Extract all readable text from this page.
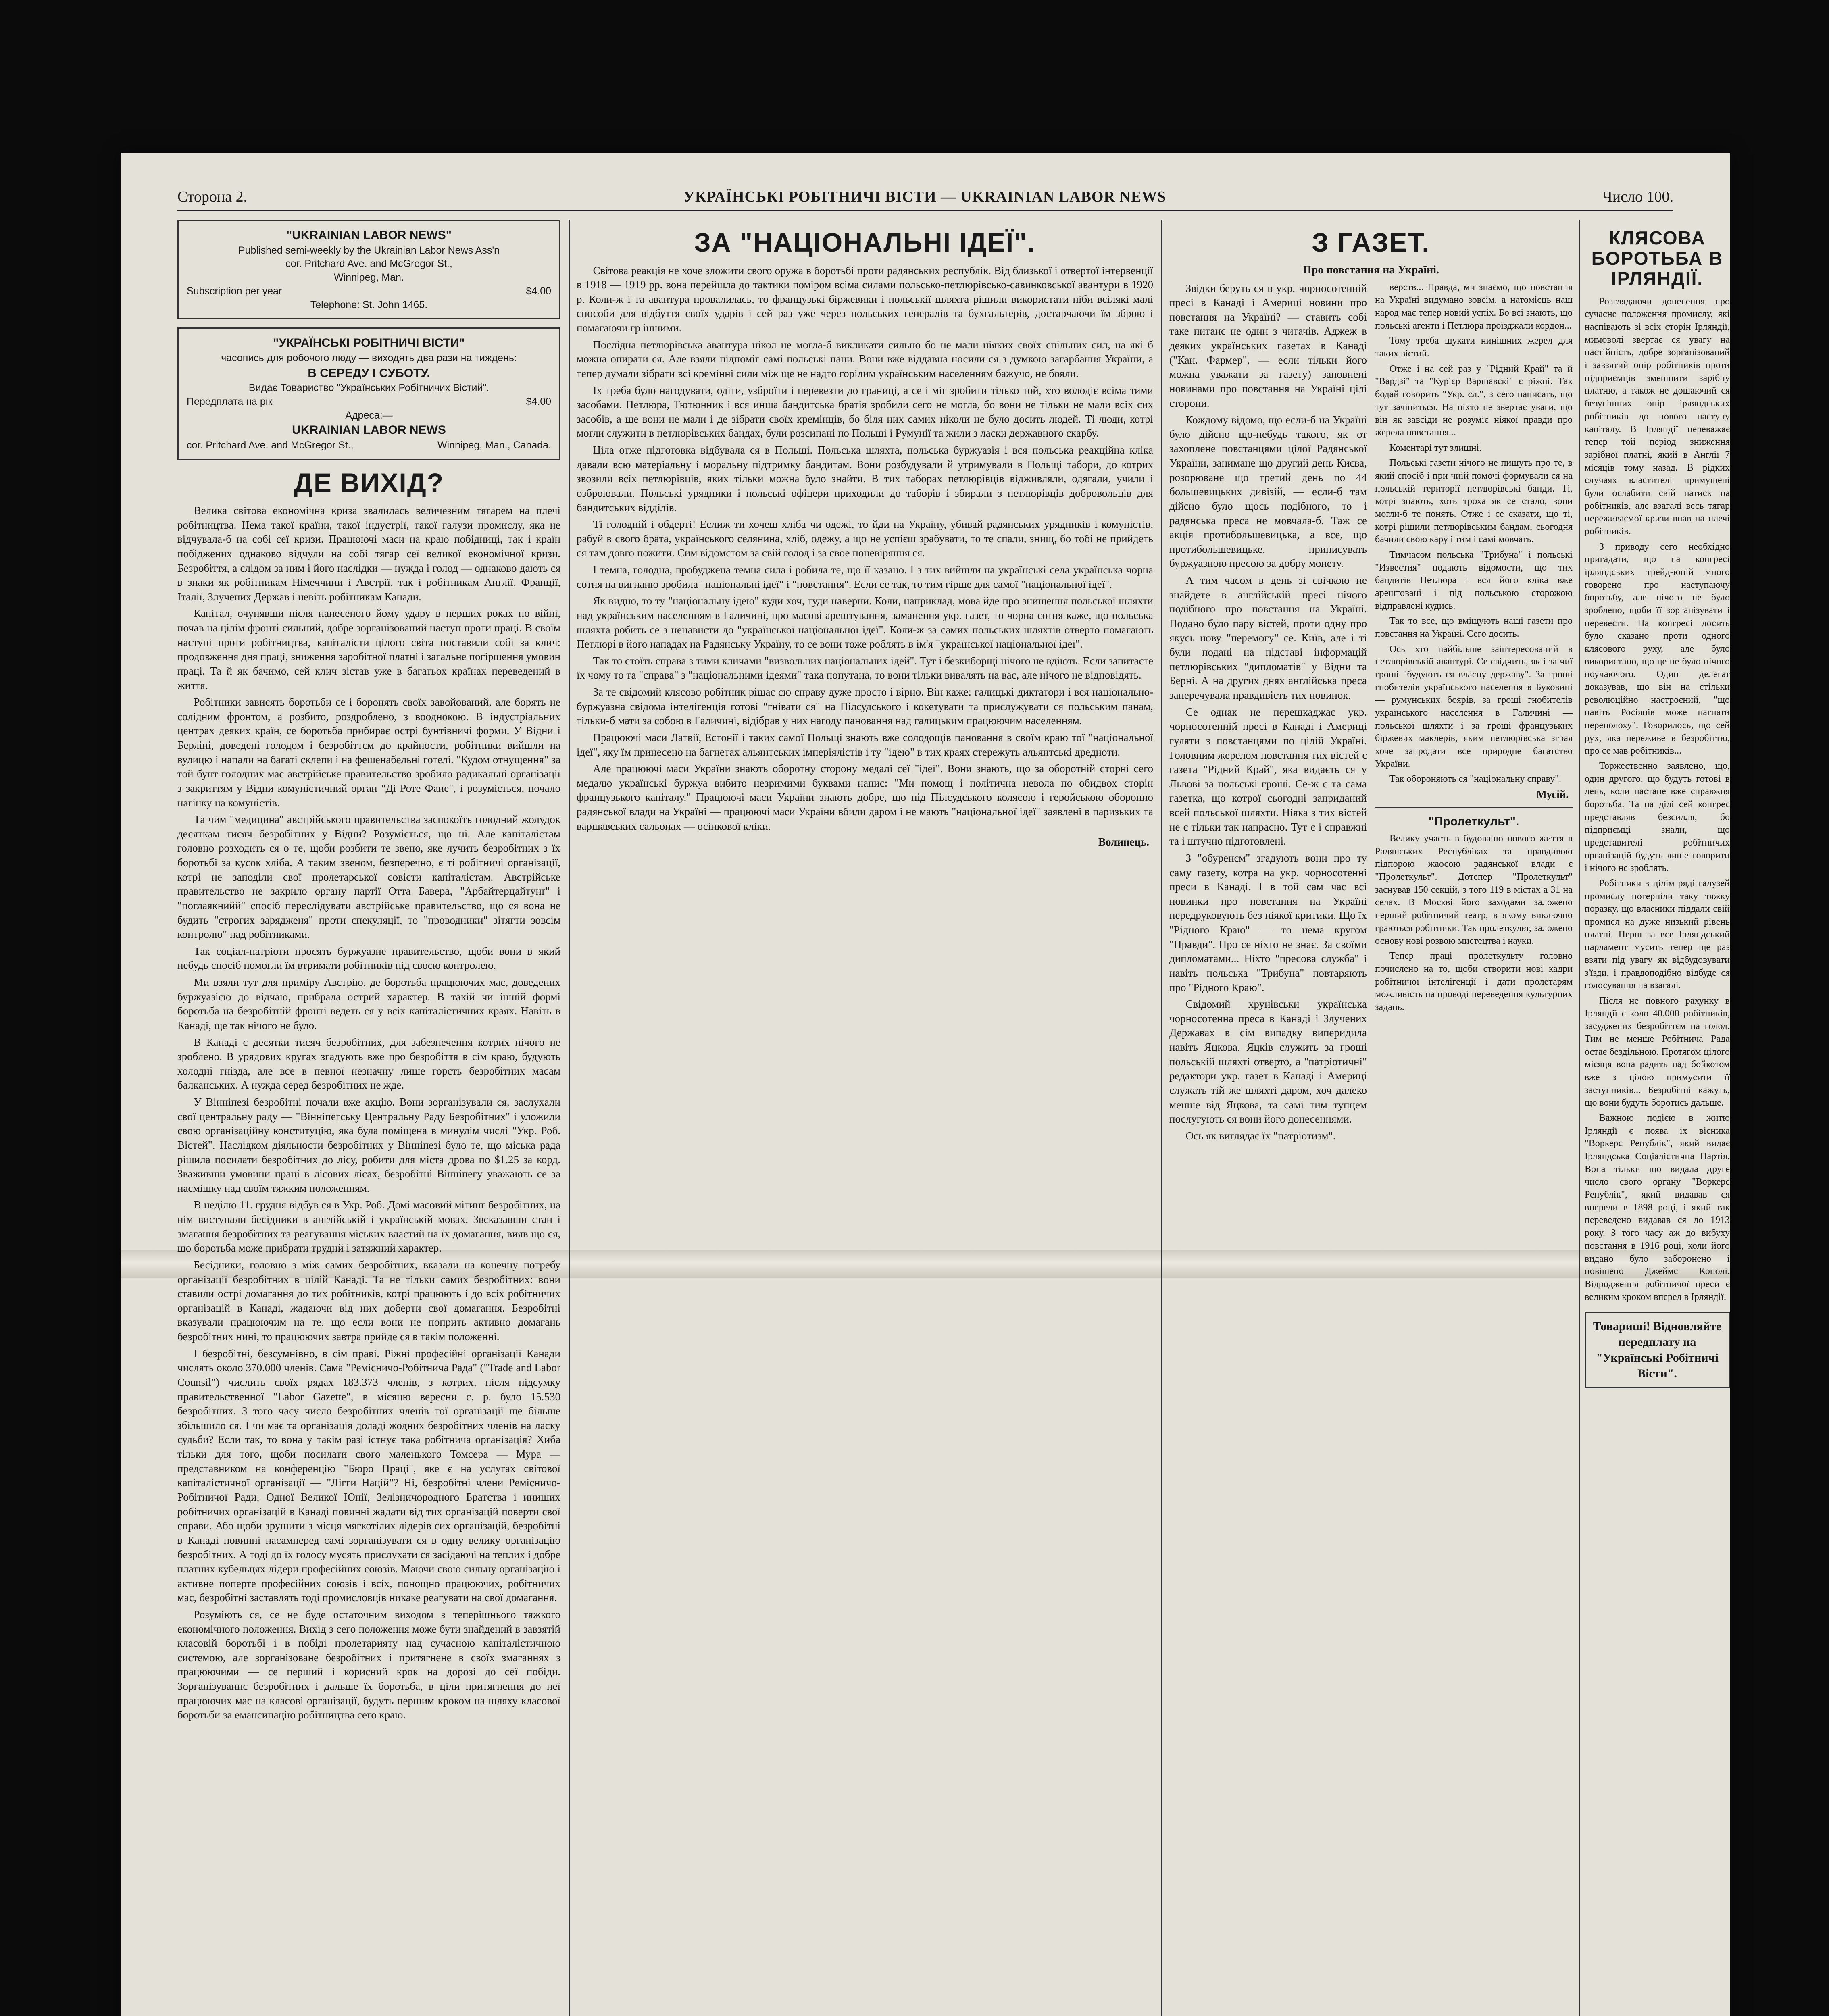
Сторона 2.	УКРАЇНСЬКІ РОБІТНИЧІ ВІСТИ — UKRAINIAN LABOR NEWS	Число 100.
"UKRAINIAN LABOR NEWS"
Published semi-weekly by the Ukrainian Labor News Ass'n
cor. Pritchard Ave. and McGregor St.,
Winnipeg, Man.
Subscription per year	$4.00
Telephone: St. John 1465.
"УКРАЇНСЬКІ РОБІТНИЧІ ВІСТИ"
часопись для робочого люду — виходять два рази на тиждень:
В СЕРЕДУ І СУБОТУ.
Видає Товариство "Українських Робітничих Вістий".
Передплата на рік	$4.00
Адреса:—
UKRAINIAN LABOR NEWS
cor. Pritchard Ave. and McGregor St.,	Winnipeg, Man., Canada.
ДЕ ВИХІД?

Велика світова економічна криза звалилась величезним тягарем на плечі робітництва. Нема такої країни, такої індустрії, такої галузи промислу, яка не відчувала-б на собі сеї кризи. Працюючі маси на краю побідниці, так і країн побіджених однаково відчули на собі тягар сеї великої економічної кризи. Безробіття, а слідом за ним і його наслідки — нужда і голод — однаково дають ся в знаки як робітникам Німеччини і Австрії, так і робітникам Англії, Франції, Італії, Злучених Держав і невіть робітникам Канади.

Капітал, очунявши після нанесеного йому удару в перших роках по війні, почав на цілім фронті сильний, добре зорганізований наступ проти праці. В своїм наступі проти робітництва, капіталісти цілого світа поставили собі за клич: продовження дня праці, зниження заробітної платні і загальне погіршення умовин праці. Та й як бачимо, сей клич зістав уже в багатьох країнах переведений в життя.

Робітники зависять боротьби се і боронять своїх завойований, але борять не солідним фронтом, а розбито, роздроблено, з вооднокою. В індустріальних центрах деяких країн, се боротьба прибирає острі бунтівничі форми. У Відни і Берліні, доведені голодом і безробіттєм до крайности, робітники вийшли на вулицю і напали на багаті склепи і на фешенабельні готелі. "Кудом отнущення" за той бунт голодних мас австрійське правительство зробило радикальні організації з закриттям у Відни комуністичний орган "Ді Роте Фане", і розуміється, почало нагінку на комуністів.

Та чим "медицина" австрійського правительства заспокоїть голодний жолудок десяткам тисяч безробітних у Відни? Розуміється, що ні. Але капіталістам головно розходить ся о те, щоби розбити те звено, яке лучить безробітних з їх боротьбі за кусок хліба. А таким звеном, безперечно, є ті робітничі організації, котрі не заподіли свої пролетарської совісти капіталістам. Австрійське правительство не закрило органу партії Отта Бавера, "Арбайтерцайтунґ" і "поглаякнийй" спосіб переслідувати австрійське правительство, що ся вона не будить "строгих зарядженя" проти спекуляції, то "проводники" зітягти зовсім контролю" над робітниками.

Так соціал-патріоти просять буржуазне правительство, щоби вони в який небудь спосіб помогли їм втримати робітників під своєю контролею.

Ми взяли тут для приміру Австрію, де боротьба працюючих мас, доведених буржуазією до відчаю, прибрала острий характер. В такій чи іншій формі боротьба на безробітній фронті ведеть ся у всіх капіталістичних краях. Навіть в Канаді, ще так нічого не було.

В Канаді є десятки тисяч безробітних, для забезпечення котрих нічого не зроблено. В урядових кругах згадують вже про безробіття в сім краю, будують холодні гнізда, але все в певної незначну лише горсть безробітних масам балканських. А нужда серед безробітних не жде.

У Вінніпезі безробітні почали вже акцію. Вони зорганізували ся, заслухали свої центральну раду — "Вінніпегську Центральну Раду Безробітних" і уложили свою організаційну конституцію, яка була поміщена в минулім числі "Укр. Роб. Вістей". Наслідком діяльности безробітних у Вінніпезі було те, що міська рада рішила посилати безробітних до лісу, робити для міста дрова по $1.25 за корд. Зваживши умовини праці в лісових лісах, безробітні Вінніпегу уважають се за насмішку над своїм тяжким положенням.

В неділю 11. грудня відбув ся в Укр. Роб. Домі масовий мітинг безробітних, на нім виступали бесідники в англійській і українській мовах. Звсказавши стан і змагання безробітних та реагування міських властий на їх домагання, вияв що ся, що боротьба може прибрати труднй і затяжний характер.

Бесідники, головно з між самих безробітних, вказали на конечну потребу організації безробітних в цілій Канаді. Та не тільки самих безробітних: вони ставили острі домагання до тих робітників, котрі працюють і до всіх робітничих організацій в Канаді, жадаючи від них доберти свої домагання. Безробітні вказували працюючим на те, що если вони не поприть активно домагань безробітних нині, то працюючих завтра прийде ся в такім положенні.

І безробітні, безсумнівно, в сім праві. Ріжні професійні організації Канади числять около 370.000 членів. Сама "Ремісничо-Робітнича Рада" ("Trade and Labor Counsil") числить своїх рядах 183.373 членів, з котрих, після підсумку правительственної "Labor Gazette", в місяцю вересни с. р. було 15.530 безробітних. З того часу число безробітних членів тої організації ще більше збільшило ся. І чи має та організація доладі жодних безробітних членів на ласку судьби? Если так, то вона у такім разі істнує така робітнича організація? Хиба тільки для того, щоби посилати свого маленького Томсера — Мура — представником на конференцію "Бюро Праці", яке є на услугах світової капіталістичної організації — "Лігги Націй"? Ні, безробітні члени Ремісничо-Робітничої Ради, Одної Великої Юнії, Зелізничородного Братства і иниших робітничих організацій в Канаді повинні жадати від тих організацій поверти свої справи. Або щоби зрушити з місця мягкотілих лідерів сих організацій, безробітні в Канаді повинні насамперед самі зорганізувати ся в одну велику організацію безробітних. А тоді до їх голосу мусять прислухати ся засідаючі на теплих і добре платних кубельцях лідери професійних союзів. Маючи свою сильну організацію і активне поперте професійних союзів і всіх, понощно працюючих, робітничих мас, безробітні заставлять тоді промисловців никаке реагувати на свої домагання.

Розуміють ся, се не буде остаточним виходом з теперішнього тяжкого економічного положення. Вихід з сего положення може бути знайдений в завзятій класовій боротьбі і в побіді пролетарияту над сучасною капіталістичною системою, але зорганізоване безробітних і притягнене в своїх змаганнях з працюючими — се перший і корисний крок на дорозі до сеї побіди. Зорганізуваннє безробітних і дальше їх боротьба, в ціли притягнення до неї працюючих мас на класові організації, будуть першим кроком на шляху класової боротьби за емансипацію робітництва сего краю.

ЗА "НАЦІОНАЛЬНІ ІДЕЇ".

Світова реакція не хоче зложити свого оружа в боротьбі проти радянських республік. Від близької і отвертої інтервенції в 1918 — 1919 рр. вона перейшла до тактики поміром всіма силами польсько-петлюрівсько-савинковської авантури в 1920 р. Коли-ж і та авантура провалилась, то французькі біржевики і польськії шляхта рішили використати ніби всілякі малі способи для відбуття своїх ударів і сей раз уже через польських генералів та бухгальтерів, достарчаючи їм зброю і помагаючи гр іншими.

Послідна петлюрівська авантура нікол не могла-б викликати сильно бо не мали ніяких своїх спільних сил, на які б можна опирати ся. Але взяли підпоміг самі польські пани. Вони вже віддавна носили ся з думкою загарбання України, а тепер думали зібрати всі кремінні сили між ще не надто горілим українським населенням бажучо, не бояли.

Іх треба було нагодувати, одіти, узброїти і перевезти до границі, а се і міг зробити тілько той, хто володіє всіма тими засобами. Петлюра, Тютюнник і вся инша бандитська братія зробили сего не могла, бо вони не тільки не мали всіх сих засобів, а ще вони не мали і де зібрати своїх кремінців, бо біля них самих ніколи не було досить людей. Ті люди, котрі могли служити в петлюрівських бандах, були розсипані по Польщі і Румунії та жили з ласки державного скарбу.

Ціла отже підготовка відбувала ся в Польщі. Польська шляхта, польська буржуазія і вся польська реакційна кліка давали всю матеріальну і моральну підтримку бандитам. Вони розбудували й утримували в Польщі табори, до котрих звозили всіх петлюрівців, яких тільки можна було знайти. В тих таборах петлюрівців відживляли, одягали, учили і озброювали. Польські урядники і польські офіцери приходили до таборів і збирали з петлюрівців добровольців для бандитських відділів.

Ті голодній і обдерті! Еслиж ти хочеш хліба чи одежі, то йди на Україну, убивай радянських урядників і комуністів, рабуй в свого брата, українського селянина, хліб, одежу, а що не успієш зрабувати, то те спали, знищ, бо тобі не прийдеть ся там довго пожити. Сим відомстом за свій голод і за свое поневіряння ся.

І темна, голодна, пробуджена темна сила і робила те, що її казано. І з тих вийшли на українські села українська чорна сотня на вигнаню зробила "національні ідеї" і "повстання". Если се так, то тим гірше для самої "національної ідеї".

Як видно, то ту "національну ідею" куди хоч, туди наверни. Коли, наприклад, мова йде про знищення польської шляхти над українським населенням в Галичині, про масові арештування, заманення укр. газет, то чорна сотня каже, що польська шляхта робить се з ненависти до "української національної ідеї". Коли-ж за самих польських шляхтів отверто помагають Петлюрі в його нападах на Радянську Україну, то се вони тоже роблять в ім'я "української національної ідеї".

Так то стоїть справа з тими кличами "визвольних національних ідей". Тут і безкиборщі нічого не вдіють. Если запитаєте їх чому то та "справа" з "національними ідеями" така попутана, то вони тільки вивалять на вас, але нічого не відповідять.

За те свідомий клясово робітник рішає сю справу дуже просто і вірно. Він каже: галицькі диктатори і вся національно-буржуазна свідома інтелігенція готові "гнівати ся" на Пілсудського і кокетувати та прислужувати ся польським панам, тільки-б мати за собою в Галичині, відібрав у них нагоду пановання над галицьким працюючим населенням.

Працюючі маси Латвії, Естонії і таких самої Польщі знають вже солодощів пановання в своїм краю тої "національної ідеї", яку їм принесено на багнетах альянтських імперіялістів і ту "ідею" в тих краях стережуть альянтські дредноти.

Але працюючі маси України знають оборотну сторону медалі сеї "ідеї". Вони знають, що за оборотній сторні сего медалю українські буржуа вибито незримими буквами напис: "Ми помощ і політична невола по обидвох сторін французького капіталу." Працюючі маси України знають добре, що під Пілсудського колясою і геройською оборонно радянської влади на Україні — працюючі маси України вбили даром і не мають "національної ідеї" заявлені в паризьких та варшавських сальонах — осінкової кліки.

Волинець.
З ГАЗЕТ.
Про повстання на Україні.

Звідки беруть ся в укр. чорносотенній пресі в Канаді і Америці новини про повстання на Україні? — ставить собі таке питанє не один з читачів. Аджеж в деяких українських газетах в Канаді ("Кан. Фармер", — если тільки його можна уважати за газету) заповнені новинами про повстання на Україні цілі сторони.

Кождому відомо, що если-б на Україні було дійсно що-небудь такого, як от захоплене повстанцями цілої Радянської України, занимане що другий день Києва, розорюване що третий день по 44 большевицьких дивізій, — если-б там дійсно було щось подібного, то і радянська преса не мовчала-б. Таж се акція протибольшевицька, а все, що протибольшевицьке, приписувать буржуазною пресою за добру монету.

А тим часом в день зі свічкою не знайдете в англійській пресі нічого подібного про повстання на Україні. Подано було пару вістей, проти одну про якусь нову "перемогу" се. Київ, але і ті були подані на підставі інформацій петлюрівських "дипломатів" у Відни та Берні. А на других днях англійська преса заперечувала правдивість тих новинок.

Се однак не перешкаджає укр. чорносотенній пресі в Канаді і Америці гуляти з повстанцями по цілій Україні. Головним жерелом повстання тих вістей є газета "Рідний Край", яка видаєть ся у Львові за польські гроші. Се-ж є та сама газетка, що котрої сьогодні заприданий всей польської шляхти. Ніяка з тих вістей не є тільки так напрасно. Тут є і справжні та і штучно підготовлені.

З "обуренєм" згадують вони про ту саму газету, котра на укр. чорносотенні преси в Канаді. І в той сам час всі новинки про повстання на Україні передруковують без ніякої критики. Що їх "Рідного Краю" — то нема кругом "Правди". Про се ніхто не знає. За своїми дипломатами... Ніхто "пресова служба" і навіть польська "Трибуна" повтаряють про "Рідного Краю".

Свідомий хрунівськи українська чорносотенна преса в Канаді і Злучених Державах в сім випадку виперидила навіть Яцкова. Яцків служить за гроші польській шляхті отверто, а "патріотичні" редактори укр. газет в Канаді і Америці служать тій же шляхті даром, хоч далеко менше від Яцкова, та самі тим тупцем послугують ся вони його донесеннями.

Ось як виглядає їх "патріотизм".

верств... Правда, ми знаємо, що повстання на Україні видумано зовсім, а натомісць наш народ має тепер новий успіх. Бо всі знають, що польські агенти і Петлюра проїзджали кордон...

Тому треба шукати нинішних жерел для таких вістий.

Отже і на сей раз у "Рідний Край" та й "Вардзі" та "Курієр Варшавскі" є ріжні. Так бодай говорить "Укр. сл.", з сего паписать, що тут зачіпиться. На ніхто не звертає уваги, що він як завсіди не розуміє ніякої правди про жерела повстання...

Коментарі тут злишні.

Польські газети нічого не пишуть про те, в який спосіб і при чиїй помочі формували ся на польській території петлюрівські банди. Ті, котрі знають, хоть троха як се стало, вони могли-б те понять. Отже і се сказати, що ті, котрі рішили петлюрівським бандам, сьогодня бачили свою кару і тим і самі мовчать.

Тимчасом польська "Трибуна" і польські "Известия" подають відомости, що тих бандитів Петлюра і вся його кліка вже арештовані і під польською сторожою відправлені кудись.

Так то все, що вміщують наші газети про повстання на Україні. Сего досить.

Ось хто найбільше заінтересований в петлюрівській авантурі. Се свідчить, як і за чиї гроші "будують ся власну державу". За гроші гнобителів українського населення в Буковині — румунських боярів, за гроші гнобителів українського населення в Галичині — польської шляхти і за гроші французьких біржевих маклерів, яким петлюрівська зграя хоче запродати все природне багатство України.

Так обороняють ся "національну справу".

Мусій.
"Пролеткульт".

Велику участь в будованю нового життя в Радянських Республіках та правдивою підпорою жаосою радянської влади є "Пролеткульт". Дотепер "Пролеткульт" заснував 150 секцій, з того 119 в містах а 31 на селах. В Москві його заходами заложено перший робітничий театр, в якому виключно граються робітники. Так пролеткульт, заложено основу нові розвою мистецтва і науки.

Тепер праці пролеткульту головно почислено на то, щоби створити нові кадри робітничої інтелігенції і дати пролетарям можливість на проводі переведення культурних задань.

КЛЯСОВА БОРОТЬБА В ІРЛЯНДІЇ.

Розглядаючи донесення про сучасне положення промислу, які наспівають зі всіх сторін Ірляндії, мимоволі звертає ся увагу на пастійність, добре зорганізований і завзятий опір робітників проти підприємців зменшити зарібну платню, а також не дошаючий ся безусішних опір ірляндських робітників до нового наступу капіталу. В Ірляндії переважає тепер той період зниження зарібної платні, який в Англії 7 місяців тому назад. В рідких случаях властителі примущені були ослабити свій натиск на робітників, але взагалі весь тягар переживаємої кризи впав на плечі робітників.

З приводу сего необхідно пригадати, що на конгресі ірляндських трейд-юній много говорено про наступаючу боротьбу, але нічого не було зроблено, щоби її зорганізувати і перевести. На конгресі досить було сказано проти одного клясового руху, але було використано, що це не було нічого поучаючого. Один делегат доказував, що він на стільки революційно настроєний, "що навіть Росіянів може нагнати переполоху". Говорилось, що сей рух, яка переживе в безробіттю, про се мав робітників...

Торжественно заявлено, що, один другого, що будуть готові в день, коли настане вже справжня боротьба. Та на ділі сей конгрес представляв безсилля, бо підприємці знали, що представителі робітничих організацій будуть лише говорити і нічого не зроблять.

Робітники в цілім ряді галузей промислу потерпіли таку тяжку поразку, що власники піддали свій промисл на дуже низький рівень платні. Перш за все Ірляндський парламент мусить тепер ще раз взяти під увагу як відбудовувати з'їзди, і правдоподібно відбуде ся голосування на взагалі.

Після не повного рахунку в Ірляндії є коло 40.000 робітників, засуджених безробіттєм на голод. Тим не менше Робітнича Рада остає бездільною. Протягом цілого місяця вона радить над бойкотом вже з цілою примусити її заступників... Безробітні кажуть, що вони будуть боротись дальше.

Важною подією в житю Ірляндії є поява іх вісника "Воркерс Републік", який видає Ірляндська Соціалістична Партія. Вона тільки що видала друге число свого органу "Воркерс Републік", який видавав ся впереди в 1898 році, і який так переведено видавав ся до 1913 року. З того часу аж до вибуху повстання в 1916 році, коли його видано було заборонено і повішено Джеймс Конолі. Відродження робітничої преси є великим кроком вперед в Ірляндії.

Товариші! Відновляйте передплату на "Українські Робітничі Вісти".
